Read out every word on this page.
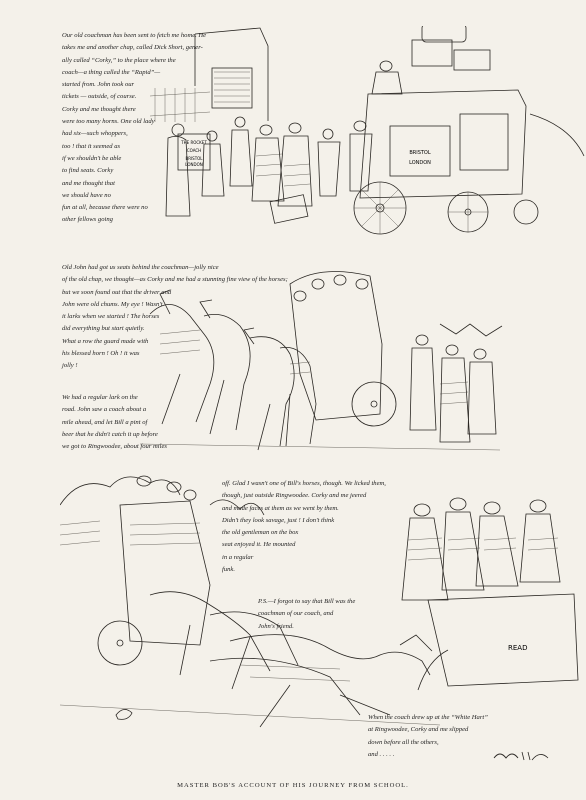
Our old coachman has been sent to fetch me home. He
takes me and another chap, called Dick Short, gener-
ally called “Corky,” to the place where the
coach—a thing called the “Rapid”—
started from. John took our
tickets — outside, of course.
Corky and me thought there
were too many horns. One old lady
had six—such whoppers,
too ! that it seemed as
if we shouldn't be able
to find seats. Corky
and me thought that
we should have no
fun at all, because there were no
other fellows going
Old John had got us seats behind the coachman—jolly nice
of the old chap, we thought—as Corky and me had a stunning fine view of the horses;
but we soon found out that the driver and
John were old chums. My eye ! Wasn't
it larks when we started ! The horses
did everything but start quietly.
What a row the guard made with
his blessed horn ! Oh ! it was
jolly !
We had a regular lark on the
road. John saw a coach about a
mile ahead, and let Bill a pint of
beer that he didn't catch it up before
we got to Ringwoodee, about four miles
off. Glad I wasn't one of Bill's horses, though. We licked them,
though, just outside Ringwoodee. Corky and me jeered
and made faces at them as we went by them.
Didn't they look savage, just ! I don't think
the old gentleman on the box
seat enjoyed it. He mounted
in a regular
funk.
P.S.—I forgot to say that Bill was the
coachman of our coach, and
John's friend.
When the coach drew up at the “White Hart”
at Ringwoodee, Corky and me slipped
down before all the others,
and . . . . .
THE ROCKET
COACH
BRISTOL
LONDON
BRISTOL
LONDON
READ
MASTER BOB'S ACCOUNT OF HIS JOURNEY FROM SCHOOL.
